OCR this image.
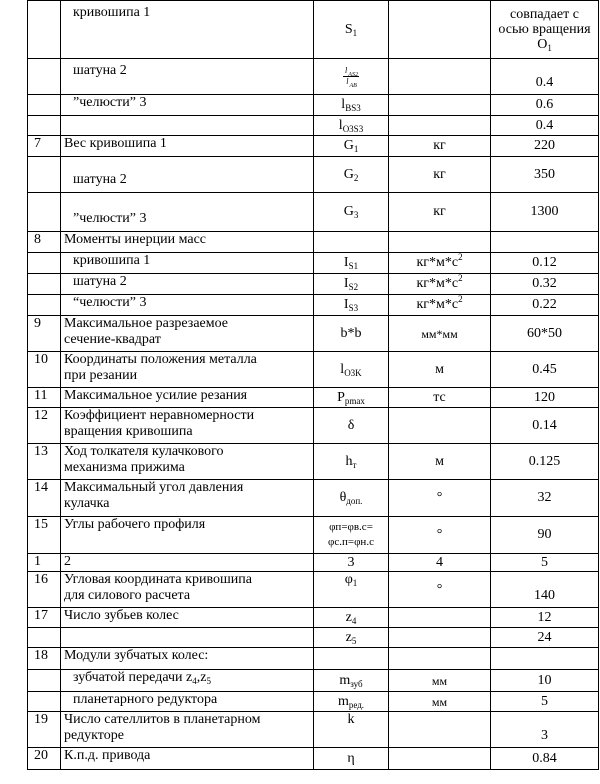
	кривошипа 1	$S_1$		совпадает с осью вращения $O_1$
	шатуна 2	$\frac{l_{AS2}}{l_{AB}}$		0.4
	”челюсти” 3	$l_{BS3}$		0.6
		$l_{O3S3}$		0.4
7	Вес кривошипа 1	$G_1$	кг	220
	шатуна 2	$G_2$	кг	350
	”челюсти” 3	$G_3$	кг	1300
8	Моменты инерции масс			
	кривошипа 1	$I_{S1}$	$кг*м*с^2$	0.12
	шатуна 2	$I_{S2}$	$кг*м*с^2$	0.32
	“челюсти” 3	$I_{S3}$	$кг*м*с^2$	0.22
9	Максимальное разрезаемое
сечение-квадрат	b*b	мм*мм	60*50
10	Координаты положения металла
при резании	$l_{O3K}$	м	0.45
11	Максимальное усилие резания	$P_{pmax}$	тс	120
12	Коэффициент неравномерности
вращения кривошипа	δ		0.14
13	Ход толкателя кулачкового
механизма прижима	$h_т$	м	0.125
14	Максимальный угол давления
кулачка	$\theta_{доп.}$	°	32
15	Углы рабочего профиля	φп=φв.с=
φс.п=φн.с	°	90
1	2	3	4	5
16	Угловая координата кривошипа
для силового расчета	$\varphi_1$	°	140
17	Число зубьев колес	$z_4$		12
		$z_5$		24
18	Модули зубчатых колес:			
	зубчатой передачи $z_4,z_5$	$m_{зуб}$	мм	10
	планетарного редуктора	$m_{ред.}$	мм	5
19	Число сателлитов в планетарном
редукторе	k		3
20	К.п.д. привода	η		0.84
